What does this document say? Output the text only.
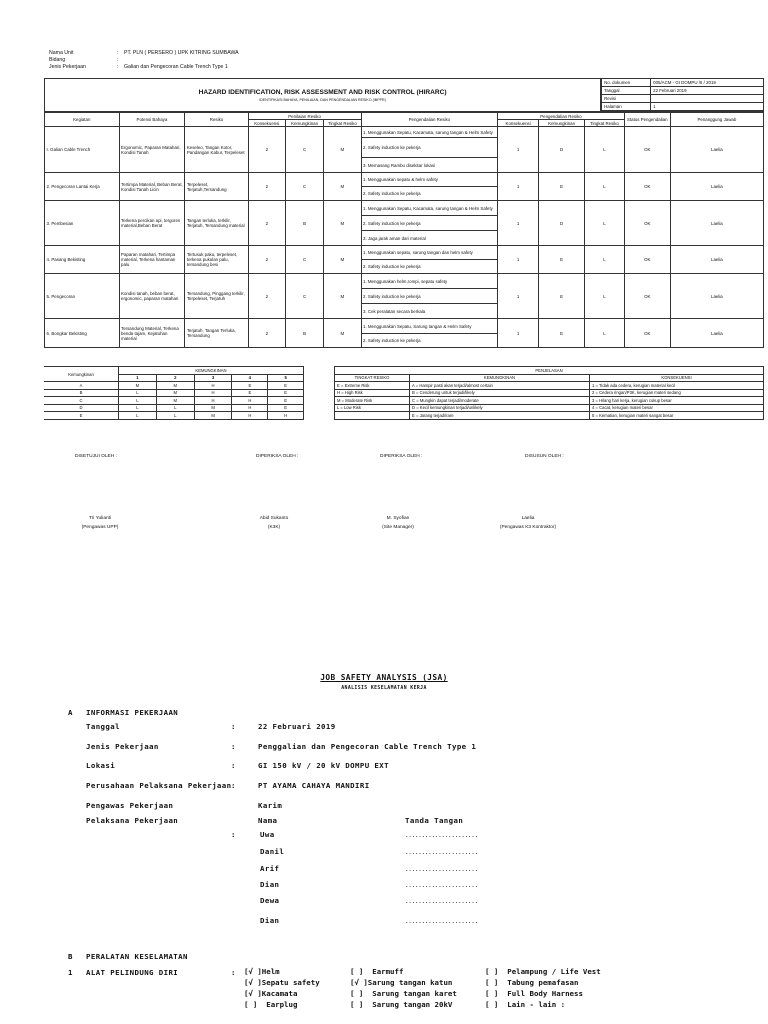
Nama Unit	:	PT. PLN ( PERSERO ) UPK KITRING SUMBAWA
Bidang	:
Jenis Pekerjaan	:	Galian dan Pengecoran Cable Trench Type 1
HAZARD IDENTIFICATION, RISK ASSESSMENT AND RISK CONTROL (HIRARC)
IDENTIFIKASI BAHAYA, PENILAIAN, DAN PENGENDALIAN RESIKO (IBPPR)

No. dokumen	005/ACM - GI DOMPU /II / 2019
Tanggal	22 Februari 2019
Revisi	
Halaman	1
Kegiatan	Potensi Bahaya	Resiko	Penilaian Resiko			Pengendalian Resiko	Pengendalian Resiko			Status Pengendalian	Penanggung Jawab
			Konsekuensi	Kemungkinan	Tingkat Resiko		Konsekuensi	Kemungkinan	Tingkat Resiko		
I. Galian Cable Trench	Ergonomic, Paparan Matahari, Kondisi Tanah	Keseleo, Tangan Kotor, Pandangan Kabur, Terpeleset	2	C	M	1. Menggunakan Sepatu, Kacamata, sarung tangan & Helm Safety	1	D	L	OK	Laelia
						2. Safety induction ke pekerja					
						3. Memasang Rambu disekitar lokasi					
2. Pengecoran Lantai Kerja	Tertimpa Material, Beban Berat, Kondisi Tanah Licin	Terpeleset, Terjatuh,Tersandung	2	C	M	1. Menggunakan sepatu & helm safety	1	E	L	OK	Laelia
						2. Safety induction ke pekerja					
3. Pembesian	Terkena percikan api, tergores material,Beban Berat	Tangan terluka, terkilir, Terjatuh, Tersandung material	2	B	M	1. Menggunakan Sepatu, Kacamata, sarung tangan & Helm Safety	1	D	L	OK	Laelia
						2. Safety induction ke pekerja					
						3. Jaga jarak aman dari material					
4. Pasang Bekisting	Paparan matahari, Tertimpa material, Terkena hantaman palu	Tertusuk paku, terpeleset, terkena pukulan palu, tersandung besi	2	C	M	1. Menggunakan sepatu, sarung tangan dan helm safety	1	E	L	OK	Laelia
						2. Safety induction ke pekerja					
5. Pengecoran	Kondisi tanah, beban berat, ergonomic, paparan matahari	Tersandung, Pinggang terkilir, Terpeleset, Terjatuh	2	C	M	1. Menggunakan helm,rompi, sepatu safety	1	E	L	OK	Laelia
						2. Safety induction ke pekerja					
						3. Cek peralatan secara berkala					
6. Bongkar Bekisting	Tersandung Material, Terkena benda tajam, Kejatuhan material	Terjatuh, Tangan Terluka, Tersandung	2	B	M	1. Menggunakan Sepatu, Sarung tangan & Helm Safety	1	E	L	OK	Laelia
						2. Safety induction ke pekerja					
Kemungkinan	KEMUNGKINAN				
	1	2	3	4	5
A	M	M	H	E	E
B	L	M	H	E	E
C	L	M	H	H	E
D	L	L	M	H	E
E	L	L	M	H	H
PENJELASAN		
TINGKAT RESIKO	KEMUNGKINAN	KONSEKUENSI
E = Extreme Risk	A = Hampir pasti akan terjadi/almost certain	1 = Tidak ada cedera, kerugian material kecil
H = High Risk	B = Cenderung untuk terjadi/likely	2 = Cedera ringan/P3K, kerugian materi sedang
M = Moderate Risk	C = Mungkin dapat terjadi/moderate	3 = Hilang hari kerja, kerugian cukup besar
L = Low Risk	D = Kecil kemungkinan terjadi/unlikely	4 = Cacat, kerugian materi besar
	E = Jarang terjadi/rare	5 = Kematian, kerugian materi sangat besar
DISETUJUI OLEH :
Tri Yulianti
(Pengawas UPP)
DIPERIKSA OLEH :
Abid Sukanto
(K3K)
DIPERIKSA OLEH :
M. Syofian
(Site Manager)
DISUSUN OLEH :
Laelia
(Pengawas K3 Kontraktor)
JOB SAFETY ANALYSIS (JSA)
ANALISIS KESELAMATAN KERJA
A INFORMASI PEKERJAAN
Tanggal	:	22 Februari 2019
Jenis Pekerjaan	:	Penggalian dan Pengecoran Cable Trench Type 1
Lokasi	:	GI 150 kV / 20 kV DOMPU EXT
Perusahaan Pelaksana Pekerjaan :	PT AYAMA CAHAYA MANDIRI
Pengawas Pekerjaan	Karim
Pelaksana Pekerjaan	Nama	Tanda Tangan
:	Uwa	......................
Danil	......................
Arif	......................
Dian	......................
Dewa	......................
Dian	......................
B PERALATAN KESELAMATAN
1 ALAT PELINDUNG DIRI	: [√ ]Helm	[ ]  Earmuff	[ ]  Pelampung / Life Vest
[√ ]Sepatu safety	[√ ]Sarung tangan katun	[ ]  Tabung pemafasan
[√ ]Kacamata	[ ]  Sarung tangan karet	[ ]  Full Body Harness
[ ]  Earplug	[ ]  Sarung tangan 20kV	[ ]  Lain - lain :
